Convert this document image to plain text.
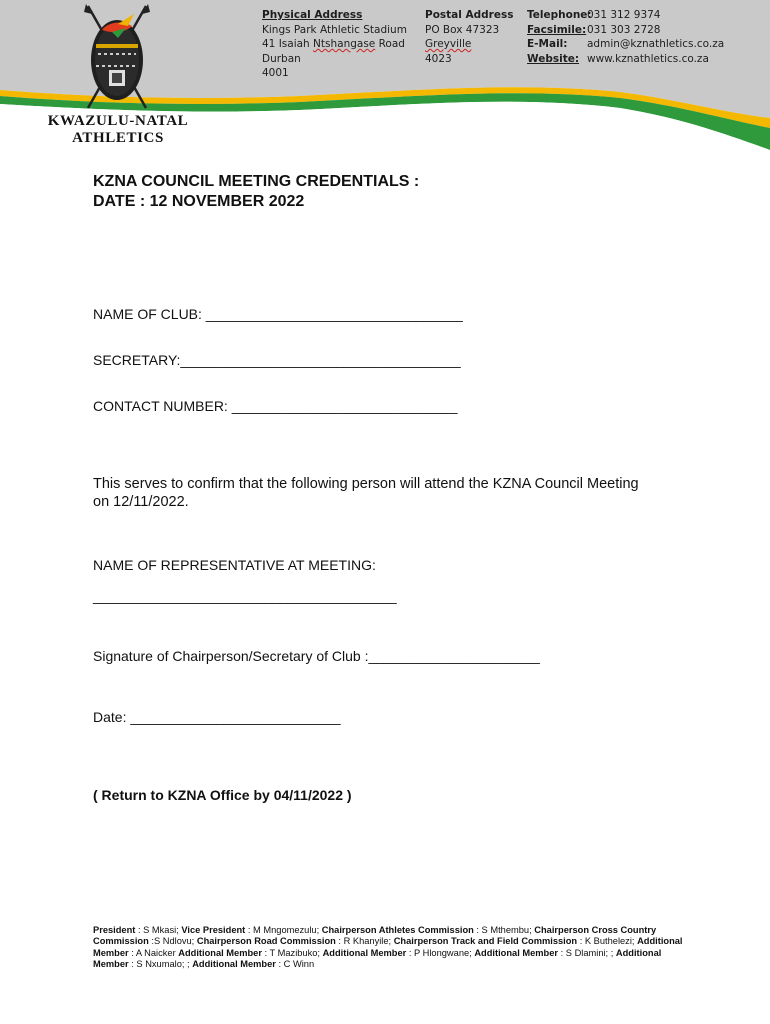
KWAZULU-NATAL
ATHLETICS
Physical Address
Kings Park Athletic Stadium
41 Isaiah Ntshangase Road
Durban
4001
Postal Address
PO Box 47323
Greyville
4023
Telephone:
031 312 9374
Facsimile: 031 303 2728
E-Mail:	admin@kznathletics.co.za
Website: www.kznathletics.co.za
KZNA COUNCIL MEETING CREDENTIALS :
DATE : 12 NOVEMBER 2022
NAME OF CLUB: _________________________________
SECRETARY:____________________________________
CONTACT NUMBER: _____________________________
This serves to confirm that the following person will attend the KZNA Council Meeting on 12/11/2022.
NAME OF REPRESENTATIVE AT MEETING:
_______________________________________
Signature of Chairperson/Secretary of Club :______________________
Date: ___________________________
( Return to KZNA Office by 04/11/2022 )
President : S Mkasi; Vice President : M Mngomezulu; Chairperson Athletes Commission : S Mthembu; Chairperson Cross Country Commission :S Ndlovu; Chairperson Road Commission : R Khanyile; Chairperson Track and Field Commission : K Buthelezi; Additional Member : A Naicker Additional Member : T Mazibuko; Additional Member : P Hlongwane; Additional Member : S Dlamini; ; Additional Member : S Nxumalo; ; Additional Member : C Winn
